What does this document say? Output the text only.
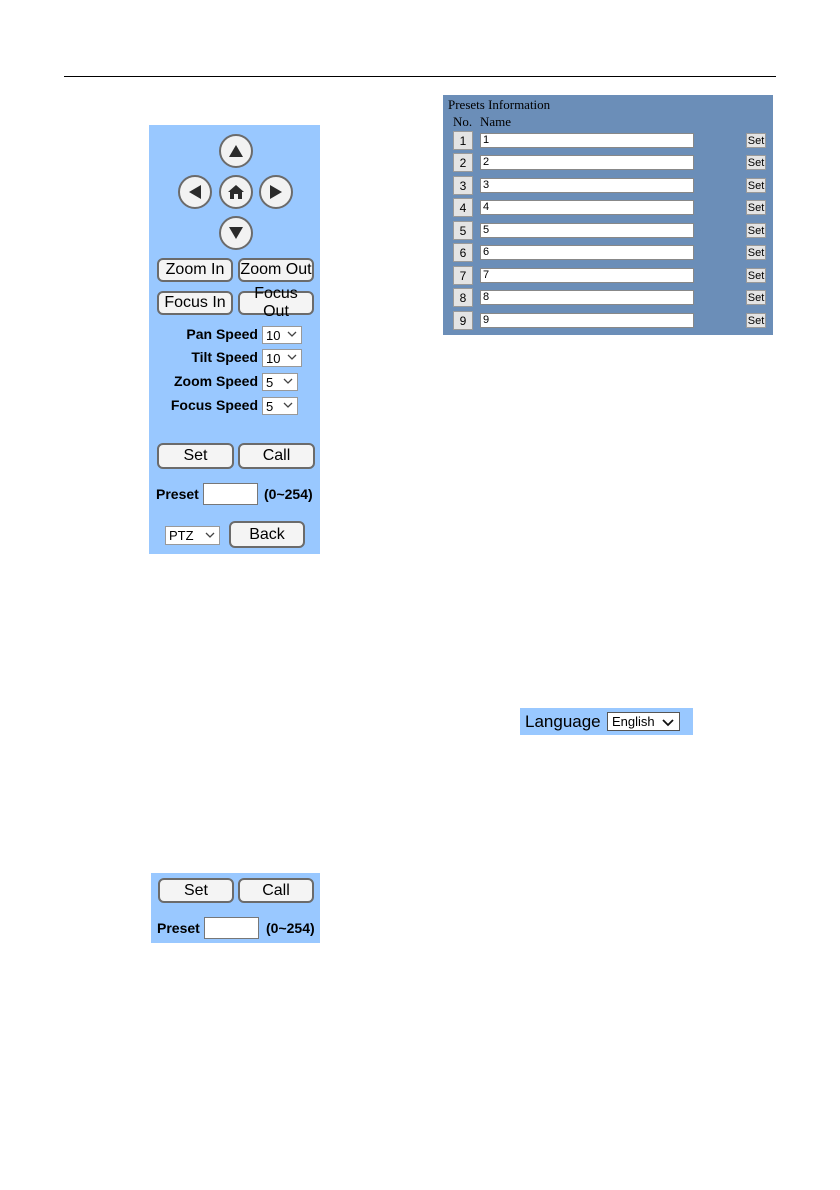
Zoom In	Zoom Out
Focus In
Focus Out
Pan Speed 10
Tilt Speed 10
Zoom Speed 5
Focus Speed 5
Set	Call
Preset	(0~254)
PTZ	Back
Presets Information
No. Name
1	1	Set
2	2	Set
3	3	Set
4	4	Set
5	5	Set
6	6	Set
7	7	Set
8	8	Set
9	9	Set
Language English
Set	Call
Preset	(0~254)
